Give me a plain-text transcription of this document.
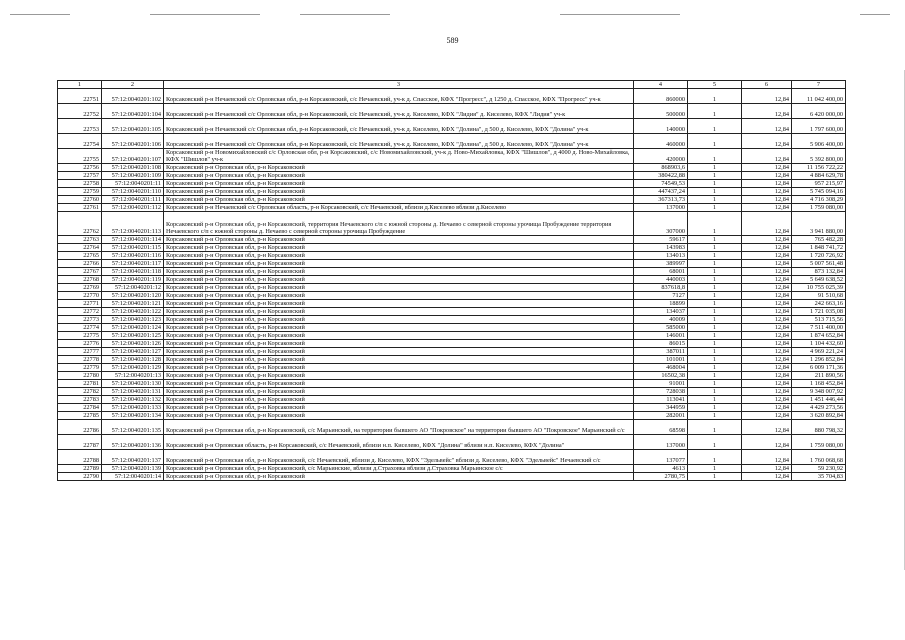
589
1	2	3	4	5	6	7
22751	57:12:0040201:102	Корсаковский р-н Нечаевский с/с Орловская обл, р-н Корсаковский, с/с Нечаевский, уч-к д. Спасское, КФХ "Прогресс", д 1250 д. Спасское, КФХ "Прогресс" уч-к	860000	1	12,84	11 042 400,00
22752	57:12:0040201:104	Корсаковский р-н Нечаевский с/с Орловская обл, р-н Корсаковский, с/с Нечаевский, уч-к д. Киселево, КФХ "Лидия" д. Киселево, КФХ "Лидия" уч-к	500000	1	12,84	6 420 000,00
22753	57:12:0040201:105	Корсаковский р-н Нечаевский с/с Орловская обл, р-н Корсаковский, с/с Нечаевский, уч-к д. Киселево, КФХ "Долина", д 500 д. Киселево, КФХ "Долина" уч-к	140000	1	12,84	1 797 600,00
22754	57:12:0040201:106	Корсаковский р-н Нечаевский с/с Орловская обл, р-н Корсаковский, с/с Нечаевский, уч-к д. Киселево, КФХ "Долина", д 500 д. Киселево, КФХ "Долина" уч-к	460000	1	12,84	5 906 400,00
22755	57:12:0040201:107	Корсаковский р-н Новомихайловский с/с Орловская обл, р-н Корсаковский, с/с Новомихайловский, уч-к д. Ново-Михайловка, КФХ "Шишлов", д 4000 д. Ново-Михайловка, КФХ "Шишлов" уч-к	420000	1	12,84	5 392 800,00
22756	57:12:0040201:108	Корсаковский р-н Орловская обл, р-н Корсаковский	868903,6	1	12,84	11 156 722,22
22757	57:12:0040201:109	Корсаковский р-н Орловская обл, р-н Корсаковский	380422,88	1	12,84	4 884 629,78
22758	57:12:0040201:11	Корсаковский р-н Орловская обл, р-н Корсаковский	74549,53	1	12,84	957 215,97
22759	57:12:0040201:110	Корсаковский р-н Орловская обл, р-н Корсаковский	447437,24	1	12,84	5 745 094,16
22760	57:12:0040201:111	Корсаковский р-н Орловская обл, р-н Корсаковский	367313,73	1	12,84	4 716 308,29
22761	57:12:0040201:112	Корсаковский р-н Нечаевский с/с Орловская область, р-н Корсаковский, с/с Нечаевский, вблизи д.Киселево вблизи д.Киселево	137000	1	12,84	1 759 080,00
22762	57:12:0040201:113	Корсаковский р-н Орловская обл, р-н Корсаковский, территория Нечаевского с/п с южной стороны д. Нечаево с северной стороны урочища Пробуждение территория Нечаевского с/п с южной стороны д. Нечаево с северной стороны урочища Пробуждение	307000	1	12,84	3 941 880,00
22763	57:12:0040201:114	Корсаковский р-н Орловская обл, р-н Корсаковский	59617	1	12,84	765 482,28
22764	57:12:0040201:115	Корсаковский р-н Орловская обл, р-н Корсаковский	143983	1	12,84	1 848 741,72
22765	57:12:0040201:116	Корсаковский р-н Орловская обл, р-н Корсаковский	134013	1	12,84	1 720 726,92
22766	57:12:0040201:117	Корсаковский р-н Орловская обл, р-н Корсаковский	389997	1	12,84	5 007 561,48
22767	57:12:0040201:118	Корсаковский р-н Орловская обл, р-н Корсаковский	68001	1	12,84	873 132,84
22768	57:12:0040201:119	Корсаковский р-н Орловская обл, р-н Корсаковский	440003	1	12,84	5 649 638,52
22769	57:12:0040201:12	Корсаковский р-н Орловская обл, р-н Корсаковский	837618,8	1	12,84	10 755 025,39
22770	57:12:0040201:120	Корсаковский р-н Орловская обл, р-н Корсаковский	7127	1	12,84	91 510,68
22771	57:12:0040201:121	Корсаковский р-н Орловская обл, р-н Корсаковский	18899	1	12,84	242 663,16
22772	57:12:0040201:122	Корсаковский р-н Орловская обл, р-н Корсаковский	134037	1	12,84	1 721 035,08
22773	57:12:0040201:123	Корсаковский р-н Орловская обл, р-н Корсаковский	40009	1	12,84	513 715,56
22774	57:12:0040201:124	Корсаковский р-н Орловская обл, р-н Корсаковский	585000	1	12,84	7 511 400,00
22775	57:12:0040201:125	Корсаковский р-н Орловская обл, р-н Корсаковский	146001	1	12,84	1 874 652,84
22776	57:12:0040201:126	Корсаковский р-н Орловская обл, р-н Корсаковский	86015	1	12,84	1 104 432,60
22777	57:12:0040201:127	Корсаковский р-н Орловская обл, р-н Корсаковский	387011	1	12,84	4 969 221,24
22778	57:12:0040201:128	Корсаковский р-н Орловская обл, р-н Корсаковский	101001	1	12,84	1 296 852,84
22779	57:12:0040201:129	Корсаковский р-н Орловская обл, р-н Корсаковский	468004	1	12,84	6 009 171,36
22780	57:12:0040201:13	Корсаковский р-н Орловская обл, р-н Корсаковский	16502,38	1	12,84	211 890,56
22781	57:12:0040201:130	Корсаковский р-н Орловская обл, р-н Корсаковский	91001	1	12,84	1 168 452,84
22782	57:12:0040201:131	Корсаковский р-н Орловская обл, р-н Корсаковский	728038	1	12,84	9 348 007,92
22783	57:12:0040201:132	Корсаковский р-н Орловская обл, р-н Корсаковский	113041	1	12,84	1 451 446,44
22784	57:12:0040201:133	Корсаковский р-н Орловская обл, р-н Корсаковский	344959	1	12,84	4 429 273,56
22785	57:12:0040201:134	Корсаковский р-н Орловская обл, р-н Корсаковский	282001	1	12,84	3 620 892,84
22786	57:12:0040201:135	Корсаковский р-н Орловская обл, р-н Корсаковский, с/с Марьинский, на территории бывшего АО "Покровское" на территории бывшего АО "Покровское" Марьинский с/с	68598	1	12,84	880 798,32
22787	57:12:0040201:136	Корсаковский р-н Орловская область, р-н Корсаковский, с/с Нечаевский, вблизи н.п. Киселево, КФХ "Долина" вблизи н.п. Киселево, КФХ "Долина"	137000	1	12,84	1 759 080,00
22788	57:12:0040201:137	Корсаковский р-н Орловская обл, р-н Корсаковский, с/с Нечаевский, вблизи д. Киселево, КФХ "Эдельвейс" вблизи д. Киселево, КФХ "Эдельвейс" Нечаевский с/с	137077	1	12,84	1 760 068,68
22789	57:12:0040201:139	Корсаковский р-н Орловская обл, р-н Корсаковский, с/с Марьинские, вблизи д.Страховка вблизи д.Страховка Марьинское с/с	4613	1	12,84	59 230,92
22790	57:12:0040201:14	Корсаковский р-н Орловская обл, р-н Корсаковский	2780,75	1	12,84	35 704,83
